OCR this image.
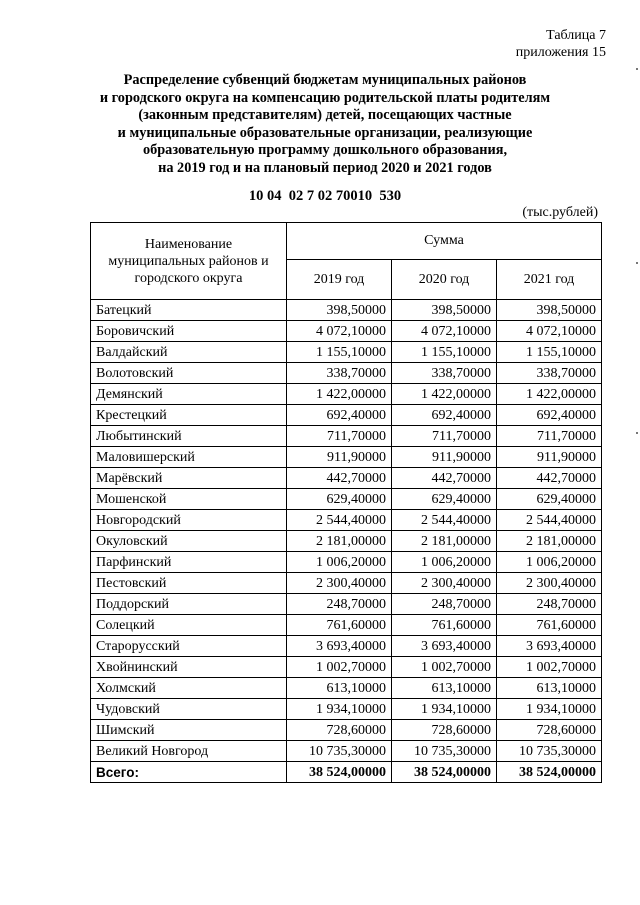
Таблица 7
приложения 15
Распределение субвенций бюджетам муниципальных районов
и городского округа на компенсацию родительской платы родителям
(законным представителям) детей, посещающих частные
и муниципальные образовательные организации, реализующие
образовательную программу дошкольного образования,
на 2019 год и на плановый период 2020 и 2021 годов
10 04  02 7 02 70010  530
(тыс.рублей)
Наименование
муниципальных районов и
городского округа	Сумма		
	2019 год	2020 год	2021 год
Батецкий	398,50000	398,50000	398,50000
Боровичский	4 072,10000	4 072,10000	4 072,10000
Валдайский	1 155,10000	1 155,10000	1 155,10000
Волотовский	338,70000	338,70000	338,70000
Демянский	1 422,00000	1 422,00000	1 422,00000
Крестецкий	692,40000	692,40000	692,40000
Любытинский	711,70000	711,70000	711,70000
Маловишерский	911,90000	911,90000	911,90000
Марёвский	442,70000	442,70000	442,70000
Мошенской	629,40000	629,40000	629,40000
Новгородский	2 544,40000	2 544,40000	2 544,40000
Окуловский	2 181,00000	2 181,00000	2 181,00000
Парфинский	1 006,20000	1 006,20000	1 006,20000
Пестовский	2 300,40000	2 300,40000	2 300,40000
Поддорский	248,70000	248,70000	248,70000
Солецкий	761,60000	761,60000	761,60000
Старорусский	3 693,40000	3 693,40000	3 693,40000
Хвойнинский	1 002,70000	1 002,70000	1 002,70000
Холмский	613,10000	613,10000	613,10000
Чудовский	1 934,10000	1 934,10000	1 934,10000
Шимский	728,60000	728,60000	728,60000
Великий Новгород	10 735,30000	10 735,30000	10 735,30000
Всего:	38 524,00000	38 524,00000	38 524,00000
